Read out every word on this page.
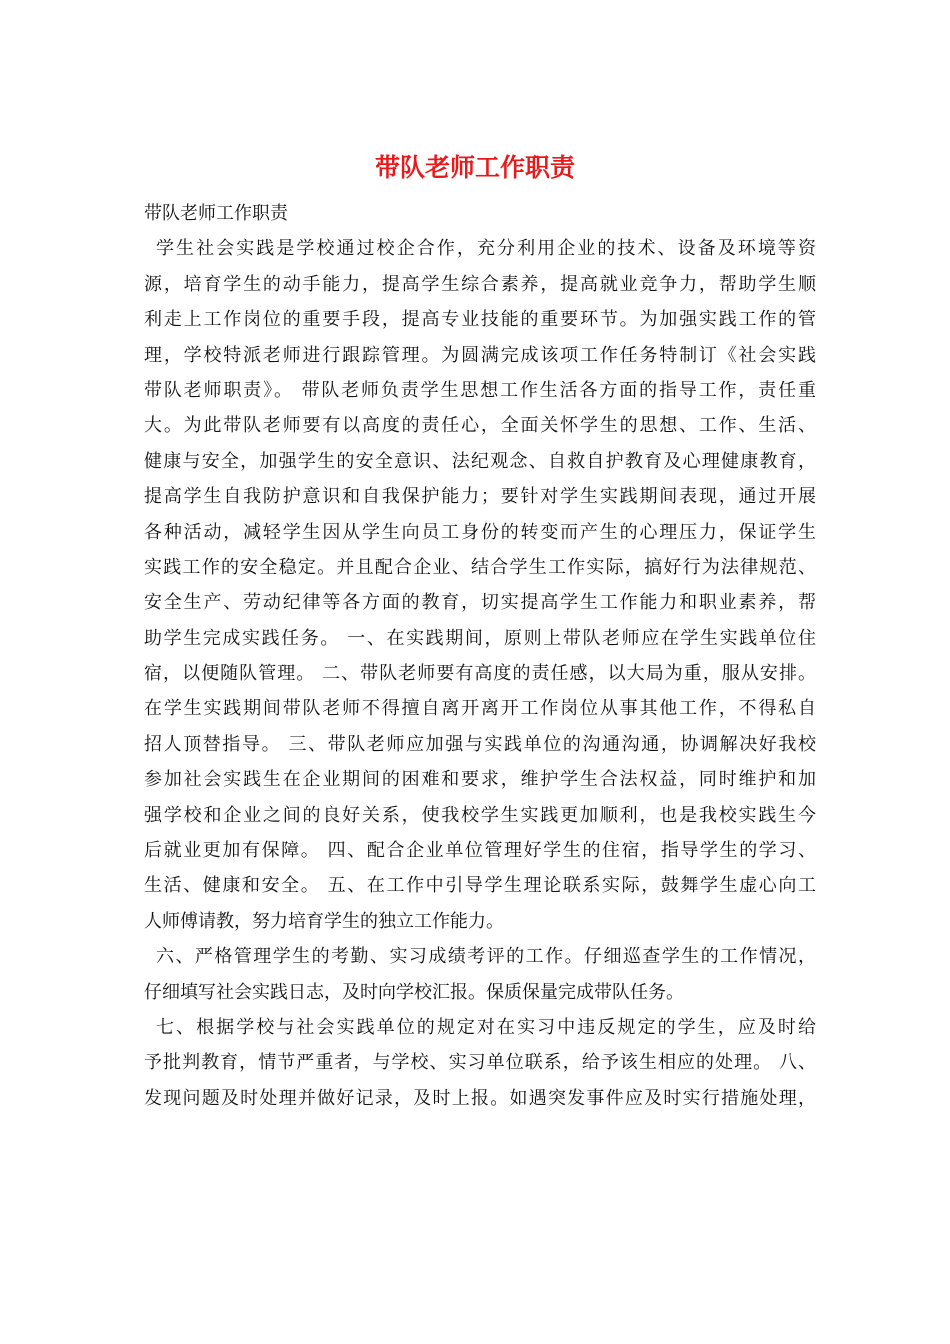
带队老师工作职责
带队老师工作职责
学生社会实践是学校通过校企合作，充分利用企业的技术、设备及环境等资
源，培育学生的动手能力，提高学生综合素养，提高就业竞争力，帮助学生顺
利走上工作岗位的重要手段，提高专业技能的重要环节。为加强实践工作的管
理，学校特派老师进行跟踪管理。为圆满完成该项工作任务特制订《社会实践
带队老师职责》。 带队老师负责学生思想工作生活各方面的指导工作，责任重
大。为此带队老师要有以高度的责任心，全面关怀学生的思想、工作、生活、
健康与安全，加强学生的安全意识、法纪观念、自救自护教育及心理健康教育，
提高学生自我防护意识和自我保护能力；要针对学生实践期间表现，通过开展
各种活动，减轻学生因从学生向员工身份的转变而产生的心理压力，保证学生
实践工作的安全稳定。并且配合企业、结合学生工作实际，搞好行为法律规范、
安全生产、劳动纪律等各方面的教育，切实提高学生工作能力和职业素养，帮
助学生完成实践任务。 一、在实践期间，原则上带队老师应在学生实践单位住
宿，以便随队管理。 二、带队老师要有高度的责任感，以大局为重，服从安排。
在学生实践期间带队老师不得擅自离开离开工作岗位从事其他工作，不得私自
招人顶替指导。 三、带队老师应加强与实践单位的沟通沟通，协调解决好我校
参加社会实践生在企业期间的困难和要求，维护学生合法权益，同时维护和加
强学校和企业之间的良好关系，使我校学生实践更加顺利，也是我校实践生今
后就业更加有保障。 四、配合企业单位管理好学生的住宿，指导学生的学习、
生活、健康和安全。 五、在工作中引导学生理论联系实际，鼓舞学生虚心向工
人师傅请教，努力培育学生的独立工作能力。
六、严格管理学生的考勤、实习成绩考评的工作。仔细巡查学生的工作情况，
仔细填写社会实践日志，及时向学校汇报。保质保量完成带队任务。
七、根据学校与社会实践单位的规定对在实习中违反规定的学生，应及时给
予批判教育，情节严重者，与学校、实习单位联系，给予该生相应的处理。 八、
发现问题及时处理并做好记录，及时上报。如遇突发事件应及时实行措施处理，
